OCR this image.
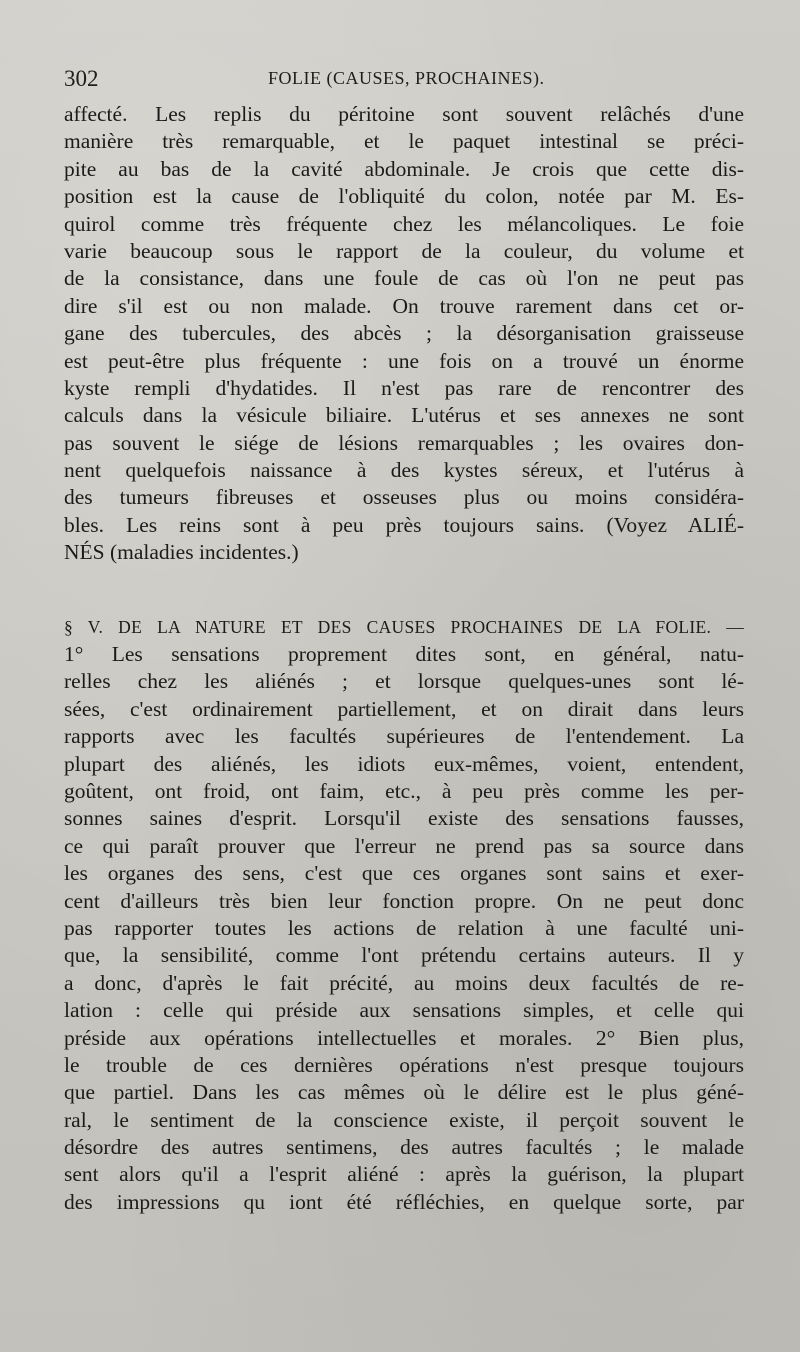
302	FOLIE (CAUSES, PROCHAINES).
affecté. Les replis du péritoine sont souvent relâchés d'une
manière très remarquable, et le paquet intestinal se préci-
pite au bas de la cavité abdominale. Je crois que cette dis-
position est la cause de l'obliquité du colon, notée par M. Es-
quirol comme très fréquente chez les mélancoliques. Le foie
varie beaucoup sous le rapport de la couleur, du volume et
de la consistance, dans une foule de cas où l'on ne peut pas
dire s'il est ou non malade. On trouve rarement dans cet or-
gane des tubercules, des abcès ; la désorganisation graisseuse
est peut-être plus fréquente : une fois on a trouvé un énorme
kyste rempli d'hydatides. Il n'est pas rare de rencontrer des
calculs dans la vésicule biliaire. L'utérus et ses annexes ne sont
pas souvent le siége de lésions remarquables ; les ovaires don-
nent quelquefois naissance à des kystes séreux, et l'utérus à
des tumeurs fibreuses et osseuses plus ou moins considéra-
bles. Les reins sont à peu près toujours sains. (Voyez ALIÉ-
NÉS (maladies incidentes.)
§ V. DE LA NATURE ET DES CAUSES PROCHAINES DE LA FOLIE. —
1° Les sensations proprement dites sont, en général, natu-
relles chez les aliénés ; et lorsque quelques-unes sont lé-
sées, c'est ordinairement partiellement, et on dirait dans leurs
rapports avec les facultés supérieures de l'entendement. La
plupart des aliénés, les idiots eux-mêmes, voient, entendent,
goûtent, ont froid, ont faim, etc., à peu près comme les per-
sonnes saines d'esprit. Lorsqu'il existe des sensations fausses,
ce qui paraît prouver que l'erreur ne prend pas sa source dans
les organes des sens, c'est que ces organes sont sains et exer-
cent d'ailleurs très bien leur fonction propre. On ne peut donc
pas rapporter toutes les actions de relation à une faculté uni-
que, la sensibilité, comme l'ont prétendu certains auteurs. Il y
a donc, d'après le fait précité, au moins deux facultés de re-
lation : celle qui préside aux sensations simples, et celle qui
préside aux opérations intellectuelles et morales. 2° Bien plus,
le trouble de ces dernières opérations n'est presque toujours
que partiel. Dans les cas mêmes où le délire est le plus géné-
ral, le sentiment de la conscience existe, il perçoit souvent le
désordre des autres sentimens, des autres facultés ; le malade
sent alors qu'il a l'esprit aliéné : après la guérison, la plupart
des impressions qu iont été réfléchies, en quelque sorte, par
